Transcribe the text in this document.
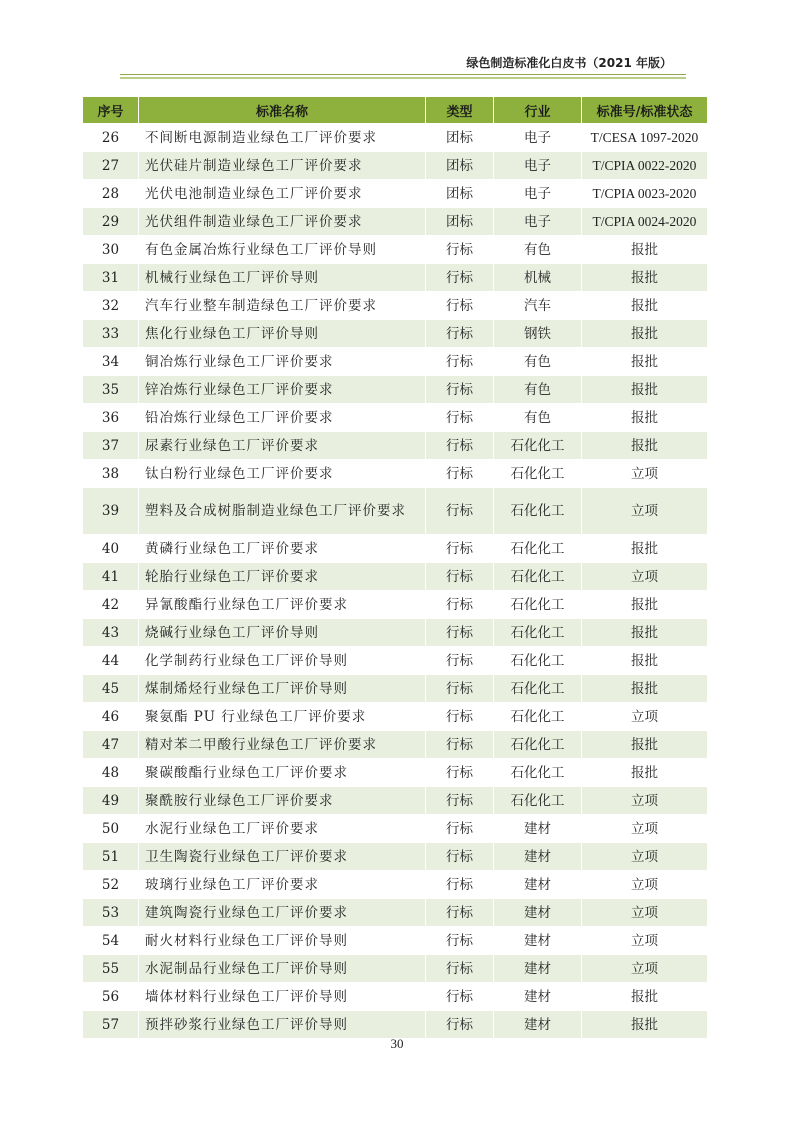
绿色制造标准化白皮书（2021 年版）
序号	标准名称	类型	行业	标准号/标准状态
26	不间断电源制造业绿色工厂评价要求	团标	电子	T/CESA 1097-2020
27	光伏硅片制造业绿色工厂评价要求	团标	电子	T/CPIA 0022-2020
28	光伏电池制造业绿色工厂评价要求	团标	电子	T/CPIA 0023-2020
29	光伏组件制造业绿色工厂评价要求	团标	电子	T/CPIA 0024-2020
30	有色金属冶炼行业绿色工厂评价导则	行标	有色	报批
31	机械行业绿色工厂评价导则	行标	机械	报批
32	汽车行业整车制造绿色工厂评价要求	行标	汽车	报批
33	焦化行业绿色工厂评价导则	行标	钢铁	报批
34	铜冶炼行业绿色工厂评价要求	行标	有色	报批
35	锌冶炼行业绿色工厂评价要求	行标	有色	报批
36	铅冶炼行业绿色工厂评价要求	行标	有色	报批
37	尿素行业绿色工厂评价要求	行标	石化化工	报批
38	钛白粉行业绿色工厂评价要求	行标	石化化工	立项
39	塑料及合成树脂制造业绿色工厂评价要求	行标	石化化工	立项
40	黄磷行业绿色工厂评价要求	行标	石化化工	报批
41	轮胎行业绿色工厂评价要求	行标	石化化工	立项
42	异氰酸酯行业绿色工厂评价要求	行标	石化化工	报批
43	烧碱行业绿色工厂评价导则	行标	石化化工	报批
44	化学制药行业绿色工厂评价导则	行标	石化化工	报批
45	煤制烯烃行业绿色工厂评价导则	行标	石化化工	报批
46	聚氨酯 PU 行业绿色工厂评价要求	行标	石化化工	立项
47	精对苯二甲酸行业绿色工厂评价要求	行标	石化化工	报批
48	聚碳酸酯行业绿色工厂评价要求	行标	石化化工	报批
49	聚酰胺行业绿色工厂评价要求	行标	石化化工	立项
50	水泥行业绿色工厂评价要求	行标	建材	立项
51	卫生陶瓷行业绿色工厂评价要求	行标	建材	立项
52	玻璃行业绿色工厂评价要求	行标	建材	立项
53	建筑陶瓷行业绿色工厂评价要求	行标	建材	立项
54	耐火材料行业绿色工厂评价导则	行标	建材	立项
55	水泥制品行业绿色工厂评价导则	行标	建材	立项
56	墙体材料行业绿色工厂评价导则	行标	建材	报批
57	预拌砂浆行业绿色工厂评价导则	行标	建材	报批
30
